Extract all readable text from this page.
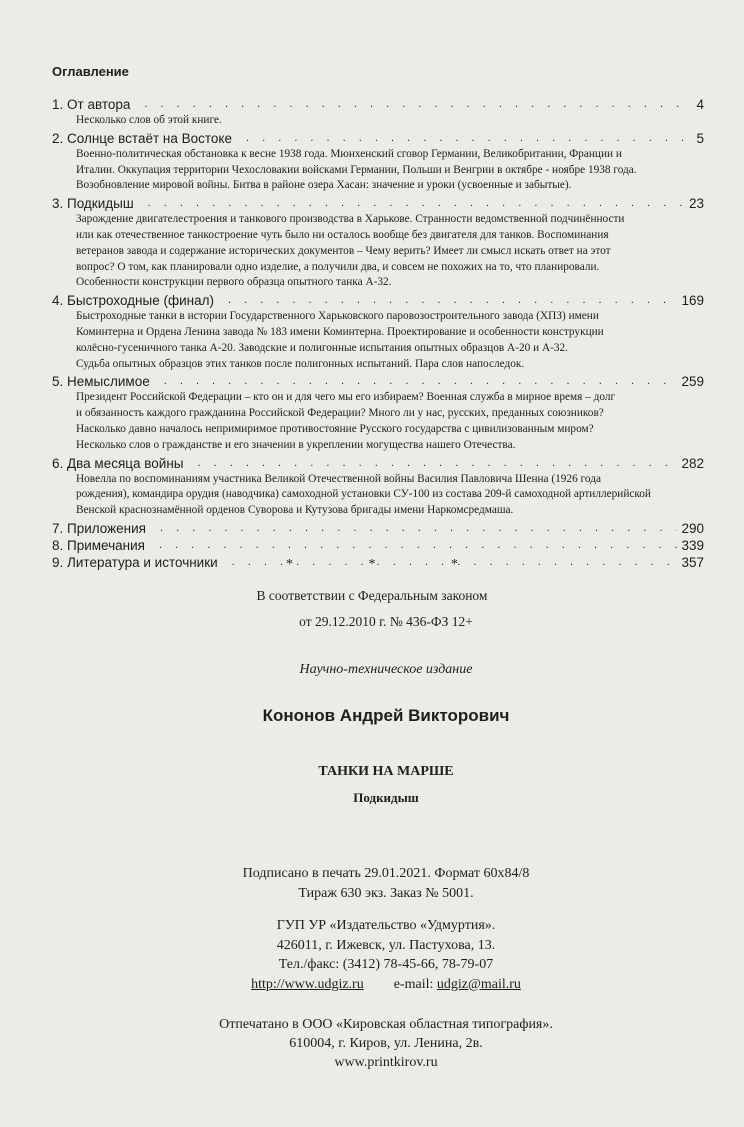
Оглавление
1. От автора . . .	4

Несколько слов об этой книге.

2. Солнце встаёт на Востоке . . .	5

Военно-политическая обстановка к весне 1938 года. Мюнхенский сговор Германии, Великобритании, Франции и

Италии. Оккупация территории Чехословакии войсками Германии, Польши и Венгрии в октябре - ноябре 1938 года.

Возобновление мировой войны. Битва в районе озера Хасан: значение и уроки (усвоенные и забытые).

3. Подкидыш . . .	23

Зарождение двигателестроения и танкового производства в Харькове. Странности ведомственной подчинённости

или как отечественное танкостроение чуть было ни осталось вообще без двигателя для танков. Воспоминания

ветеранов завода и содержание исторических документов – Чему верить? Имеет ли смысл искать ответ на этот

вопрос? О том, как планировали одно изделие, а получили два, и совсем не похожих на то, что планировали.

Особенности конструкции первого образца опытного танка А-32.

4. Быстроходные (финал) . . .	169

Быстроходные танки в истории Государственного Харьковского паровозостроительного завода (ХПЗ) имени

Коминтерна и Ордена Ленина завода № 183 имени Коминтерна. Проектирование и особенности конструкции

колёсно-гусеничного танка А-20. Заводские и полигонные испытания опытных образцов А-20 и А-32.

Судьба опытных образцов этих танков после полигонных испытаний. Пара слов напоследок.

5. Немыслимое . . .	259

Президент Российской Федерации – кто он и для чего мы его избираем? Военная служба в мирное время – долг

и обязанность каждого гражданина Российской Федерации? Много ли у нас, русских, преданных союзников?

Насколько давно началось непримиримое противостояние Русского государства с цивилизованным миром?

Несколько слов о гражданстве и его значении в укреплении могущества нашего Отечества.

6. Два месяца войны . . .	282

Новелла по воспоминаниям участника Великой Отечественной войны Василия Павловича Шенна (1926 года

рождения), командира орудия (наводчика) самоходной установки СУ-100 из состава 209-й самоходной артиллерийской

Венской краснознамённой орденов Суворова и Кутузова бригады имени Наркомсредмаша.

7. Приложения . . .	290
8. Примечания . . .	339
9. Литература и источники . . .	357
* * *
В соответствии с Федеральным законом
от 29.12.2010 г. № 436-ФЗ 12+
Научно-техническое издание
Кононов Андрей Викторович
ТАНКИ НА МАРШЕ
Подкидыш
Подписано в печать 29.01.2021. Формат 60х84/8
Тираж 630 экз. Заказ № 5001.
ГУП УР «Издательство «Удмуртия».
426011, г. Ижевск, ул. Пастухова, 13.
Тел./факс: (3412) 78-45-66, 78-79-07
http://www.udgiz.ru e-mail: udgiz@mail.ru
Отпечатано в ООО «Кировская областная типография».
610004, г. Киров, ул. Ленина, 2в.
www.printkirov.ru
